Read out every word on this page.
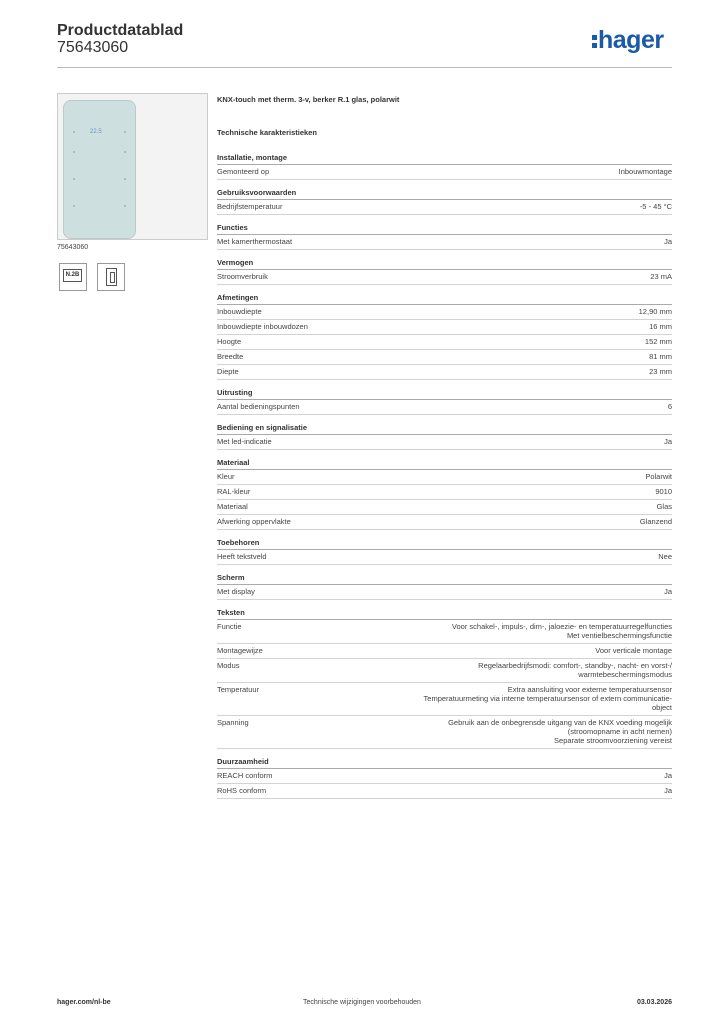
Productdatablad
75643060	hager
22.5
75643060
N.2B
KNX-touch met therm. 3-v, berker R.1 glas, polarwit
Technische karakteristieken
Installatie, montage
Gemonteerd op	Inbouwmontage
Gebruiksvoorwaarden
Bedrijfstemperatuur	-5 - 45 °C
Functies
Met kamerthermostaat	Ja
Vermogen
Stroomverbruik	23 mA
Afmetingen
Inbouwdiepte	12,90 mm
Inbouwdiepte inbouwdozen	16 mm
Hoogte	152 mm
Breedte	81 mm
Diepte	23 mm
Uitrusting
Aantal bedieningspunten	6
Bediening en signalisatie
Met led-indicatie	Ja
Materiaal
Kleur	Polarwit
RAL-kleur	9010
Materiaal	Glas
Afwerking oppervlakte	Glanzend
Toebehoren
Heeft tekstveld	Nee
Scherm
Met display	Ja
Teksten
Functie	Voor schakel-, impuls-, dim-, jaloezie- en temperatuurregelfuncties
Met ventielbeschermingsfunctie
Montagewijze	Voor verticale montage
Modus	Regelaarbedrijfsmodi: comfort-, standby-, nacht- en vorst-/
warmtebeschermingsmodus
Temperatuur	Extra aansluiting voor externe temperatuursensor
Temperatuurmeting via interne temperatuursensor of extern communicatie-
object
Spanning	Gebruik aan de onbegrensde uitgang van de KNX voeding mogelijk
(stroomopname in acht nemen)
Separate stroomvoorziening vereist
Duurzaamheid
REACH conform	Ja
RoHS conform	Ja
Technische wijzigingen voorbehouden
hager.com/nl-be	03.03.2026
